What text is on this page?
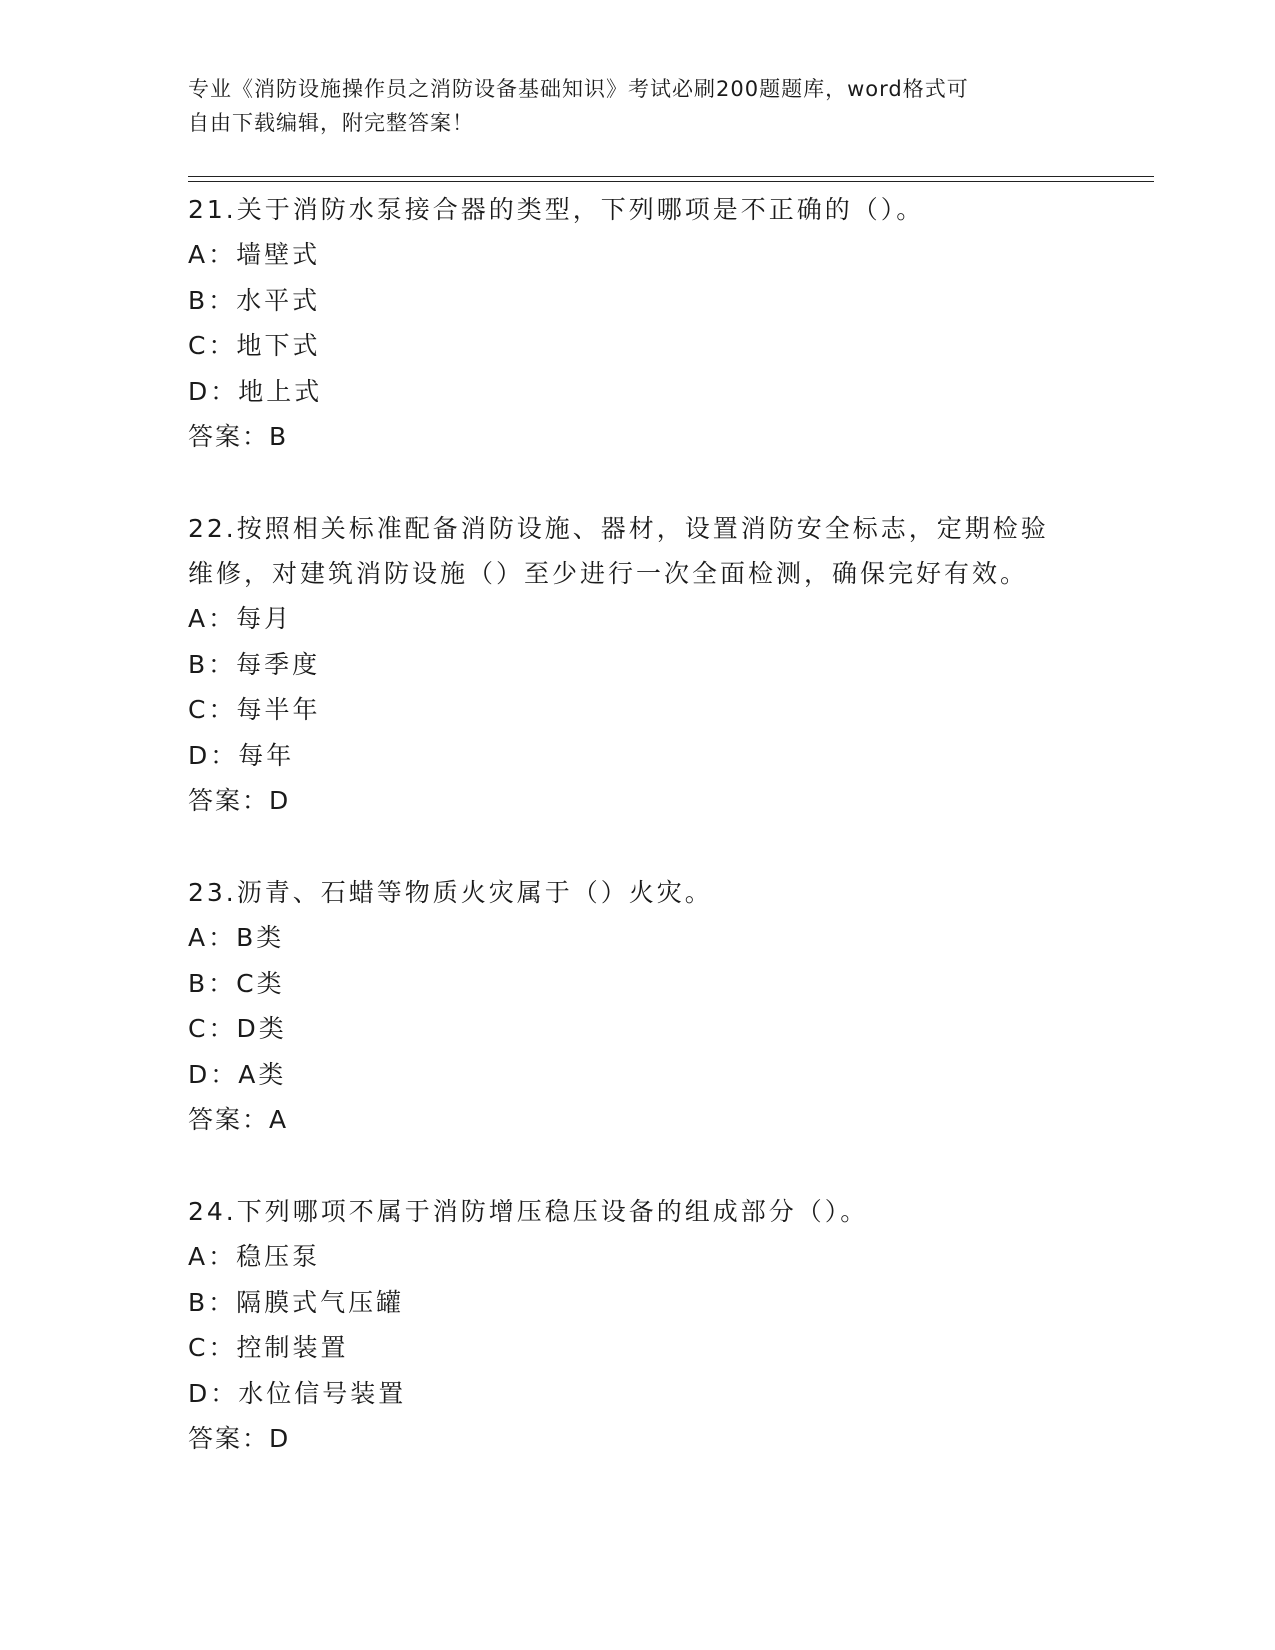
专业《消防设施操作员之消防设备基础知识》考试必刷200题题库，word格式可
自由下载编辑，附完整答案！

21.关于消防水泵接合器的类型，下列哪项是不正确的（）。

A：墙壁式

B：水平式

C：地下式

D：地上式

答案：B

22.按照相关标准配备消防设施、器材，设置消防安全标志，定期检验

维修，对建筑消防设施（）至少进行一次全面检测，确保完好有效。

A：每月

B：每季度

C：每半年

D：每年

答案：D

23.沥青、石蜡等物质火灾属于（）火灾。

A：B类

B：C类

C：D类

D：A类

答案：A

24.下列哪项不属于消防增压稳压设备的组成部分（）。

A：稳压泵

B：隔膜式气压罐

C：控制装置

D：水位信号装置

答案：D
